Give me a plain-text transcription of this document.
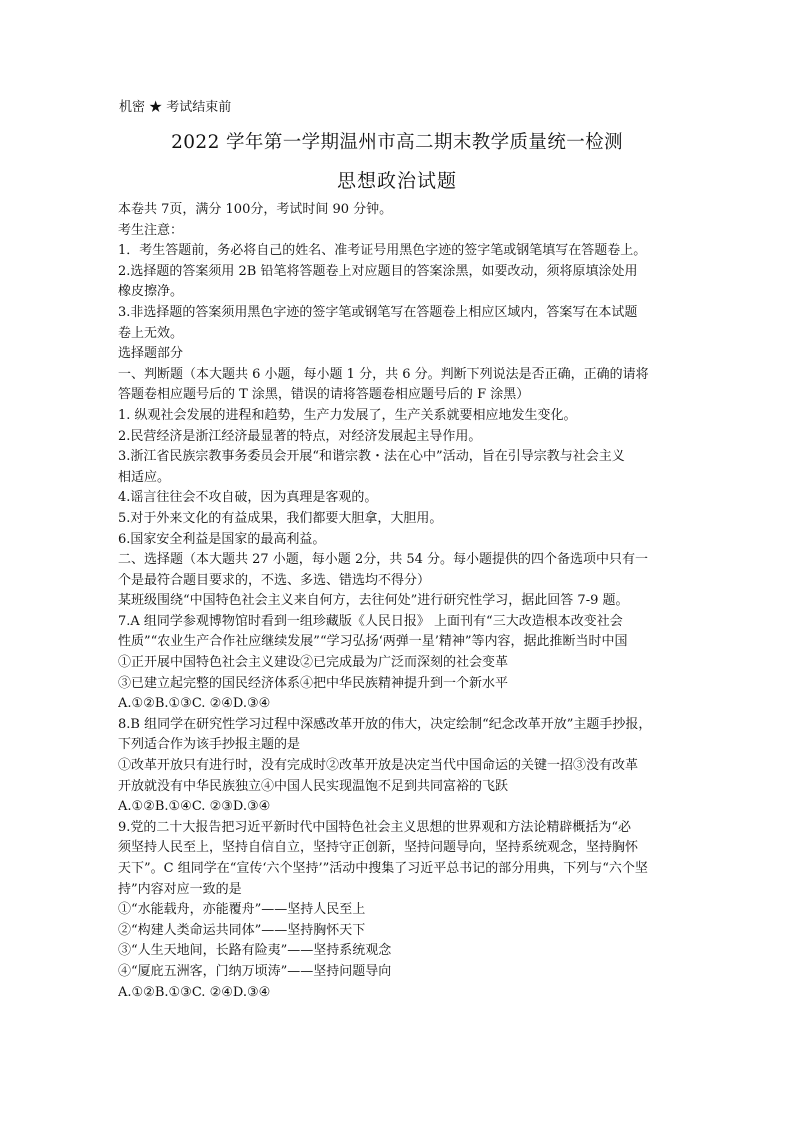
机密 ★ 考试结束前
2022 学年第一学期温州市高二期末教学质量统一检测
思想政治试题
本卷共 7页，满分 100分，考试时间 90 分钟。
考生注意：
1．考生答题前，务必将自己的姓名、准考证号用黑色字迹的签字笔或钢笔填写在答题卷上。
2.选择题的答案须用 2B 铅笔将答题卷上对应题目的答案涂黑，如要改动，须将原填涂处用
橡皮擦净。
3.非选择题的答案须用黑色字迹的签字笔或钢笔写在答题卷上相应区域内，答案写在本试题
卷上无效。
选择题部分
一、判断题（本大题共 6 小题，每小题 1 分，共 6 分。判断下列说法是否正确，正确的请将
答题卷相应题号后的 T 涂黑，错误的请将答题卷相应题号后的 F 涂黑）
1. 纵观社会发展的进程和趋势，生产力发展了，生产关系就要相应地发生变化。
2.民营经济是浙江经济最显著的特点，对经济发展起主导作用。
3.浙江省民族宗教事务委员会开展“和谐宗教・法在心中”活动，旨在引导宗教与社会主义
相适应。
4.谣言往往会不攻自破，因为真理是客观的。
5.对于外来文化的有益成果，我们都要大胆拿，大胆用。
6.国家安全利益是国家的最高利益。
二、选择题（本大题共 27 小题，每小题 2分，共 54 分。每小题提供的四个备选项中只有一
个是最符合题目要求的，不选、多选、错选均不得分）
某班级围绕“中国特色社会主义来自何方，去往何处”进行研究性学习，据此回答 7-9 题。
7.A 组同学参观博物馆时看到一组珍藏版《人民日报》 上面刊有“三大改造根本改变社会
性质”“农业生产合作社应继续发展”“学习弘扬‘两弹一星’精神”等内容，据此推断当时中国
①正开展中国特色社会主义建设②已完成最为广泛而深刻的社会变革
③已建立起完整的国民经济体系④把中华民族精神提升到一个新水平
A.①②B.①③C. ②④D.③④
8.B 组同学在研究性学习过程中深感改革开放的伟大，决定绘制“纪念改革开放”主题手抄报，
下列适合作为该手抄报主题的是
①改革开放只有进行时，没有完成时②改革开放是决定当代中国命运的关键一招③没有改革
开放就没有中华民族独立④中国人民实现温饱不足到共同富裕的飞跃
A.①②B.①④C. ②③D.③④
9.党的二十大报告把习近平新时代中国特色社会主义思想的世界观和方法论精辟概括为“必
须坚持人民至上，坚持自信自立，坚持守正创新，坚持问题导向，坚持系统观念，坚持胸怀
天下”。C 组同学在“宣传‘六个坚持’”活动中搜集了习近平总书记的部分用典，下列与“六个坚
持”内容对应一致的是
①“水能载舟，亦能覆舟”——坚持人民至上
②“构建人类命运共同体”——坚持胸怀天下
③“人生天地间，长路有险夷”——坚持系统观念
④“厦庇五洲客，门纳万顷涛”——坚持问题导向
A.①②B.①③C. ②④D.③④
